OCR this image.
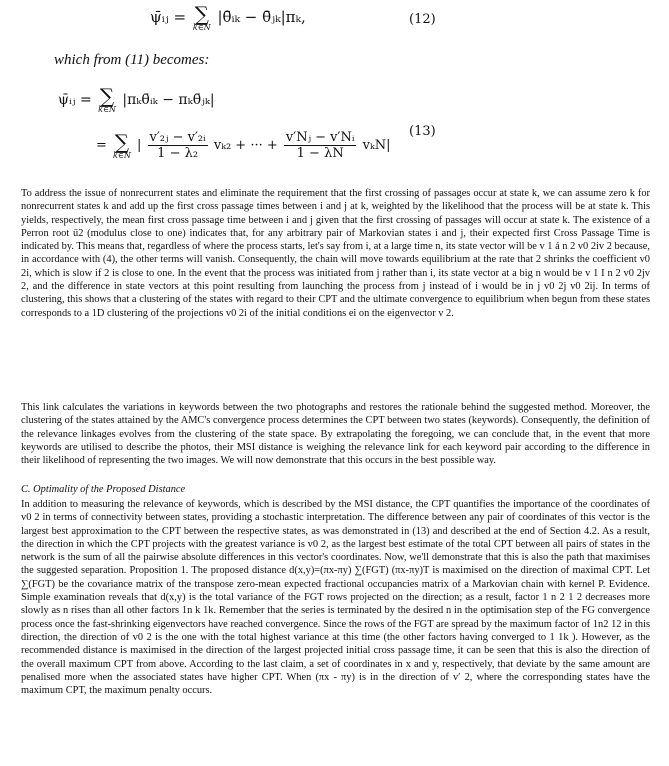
ψ̄ᵢⱼ = ∑
k∈N
|θ̄ᵢₖ − θ̄ⱼₖ|πₖ,	(12)
which from (11) becomes:
ψ̄ᵢⱼ = ∑
k∈N
|πₖθ̄ᵢₖ − πₖθ̄ⱼₖ|
= ∑
k∈N
| $\frac{\text{v′₂ⱼ − v′₂ᵢ}}{\text{1 − λ₂}} v_{k2}$ + ··· + $\frac{\text{v′Nⱼ − v′Nᵢ}}{1 - \lambda N} v_kN|$
(13)

To address the issue of nonrecurrent states and eliminate the requirement that the first crossing of passages occur at state k, we can assume zero k for nonrecurrent states k and add up the first cross passage times between i and j at k, weighted by the likelihood that the process will be at state k. This yields, respectively, the mean first cross passage time between i and j given that the first crossing of passages will occur at state k. The existence of a Perron root ű2 (modulus close to one) indicates that, for any arbitrary pair of Markovian states i and j, their expected first Cross Passage Time is indicated by. This means that, regardless of where the process starts, let's say from i, at a large time n, its state vector will be v 1 á n 2 v0 2iv 2 because, in accordance with (4), the other terms will vanish. Consequently, the chain will move towards equilibrium at the rate that 2 shrinks the coefficient v0 2i, which is slow if 2 is close to one. In the event that the process was initiated from j rather than i, its state vector at a big n would be v 1 I n 2 v0 2jv 2, and the difference in state vectors at this point resulting from launching the process from j instead of i would be in j v0 2j v0 2ij. In terms of clustering, this shows that a clustering of the states with regard to their CPT and the ultimate convergence to equilibrium when begun from these states corresponds to a 1D clustering of the projections v0 2i of the initial conditions ei on the eigenvector v 2.

This link calculates the variations in keywords between the two photographs and restores the rationale behind the suggested method. Moreover, the clustering of the states attained by the AMC's convergence process determines the CPT between two states (keywords). Consequently, the definition of the relevance linkages evolves from the clustering of the state space. By extrapolating the foregoing, we can conclude that, in the event that more keywords are utilised to describe the photos, their MSI distance is weighing the relevance link for each keyword pair according to the difference in their likelihood of representing the two images. We will now demonstrate that this occurs in the best possible way.

C. Optimality of the Proposed Distance

In addition to measuring the relevance of keywords, which is described by the MSI distance, the CPT quantifies the importance of the coordinates of v0 2 in terms of connectivity between states, providing a stochastic interpretation. The difference between any pair of coordinates of this vector is the largest best approximation to the CPT between the respective states, as was demonstrated in (13) and described at the end of Section 4.2. As a result, the direction in which the CPT projects with the greatest variance is v0 2, as the largest best estimate of the total CPT between all pairs of states in the network is the sum of all the pairwise absolute differences in this vector's coordinates. Now, we'll demonstrate that this is also the path that maximises the suggested separation. Proposition 1. The proposed distance d(x,y)=(πx-πy) ∑(FGT) (πx-πy)T is maximised on the direction of maximal CPT. Let ∑(FGT) be the covariance matrix of the transpose zero-mean expected fractional occupancies matrix of a Markovian chain with kernel P. Evidence. Simple examination reveals that d(x,y) is the total variance of the FGT rows projected on the direction; as a result, factor 1 n 2 1 2 decreases more slowly as n rises than all other factors 1n k 1k. Remember that the series is terminated by the desired n in the optimisation step of the FG convergence process once the fast-shrinking eigenvectors have reached convergence. Since the rows of the FGT are spread by the maximum factor of 1n2 12 in this direction, the direction of v0 2 is the one with the total highest variance at this time (the other factors having converged to 1 1k ). However, as the recommended distance is maximised in the direction of the largest projected initial cross passage time, it can be seen that this is also the direction of the overall maximum CPT from above. According to the last claim, a set of coordinates in x and y, respectively, that deviate by the same amount are penalised more when the associated states have higher CPT. When (πx - πy) is in the direction of v′ 2, where the corresponding states have the maximum CPT, the maximum penalty occurs.
